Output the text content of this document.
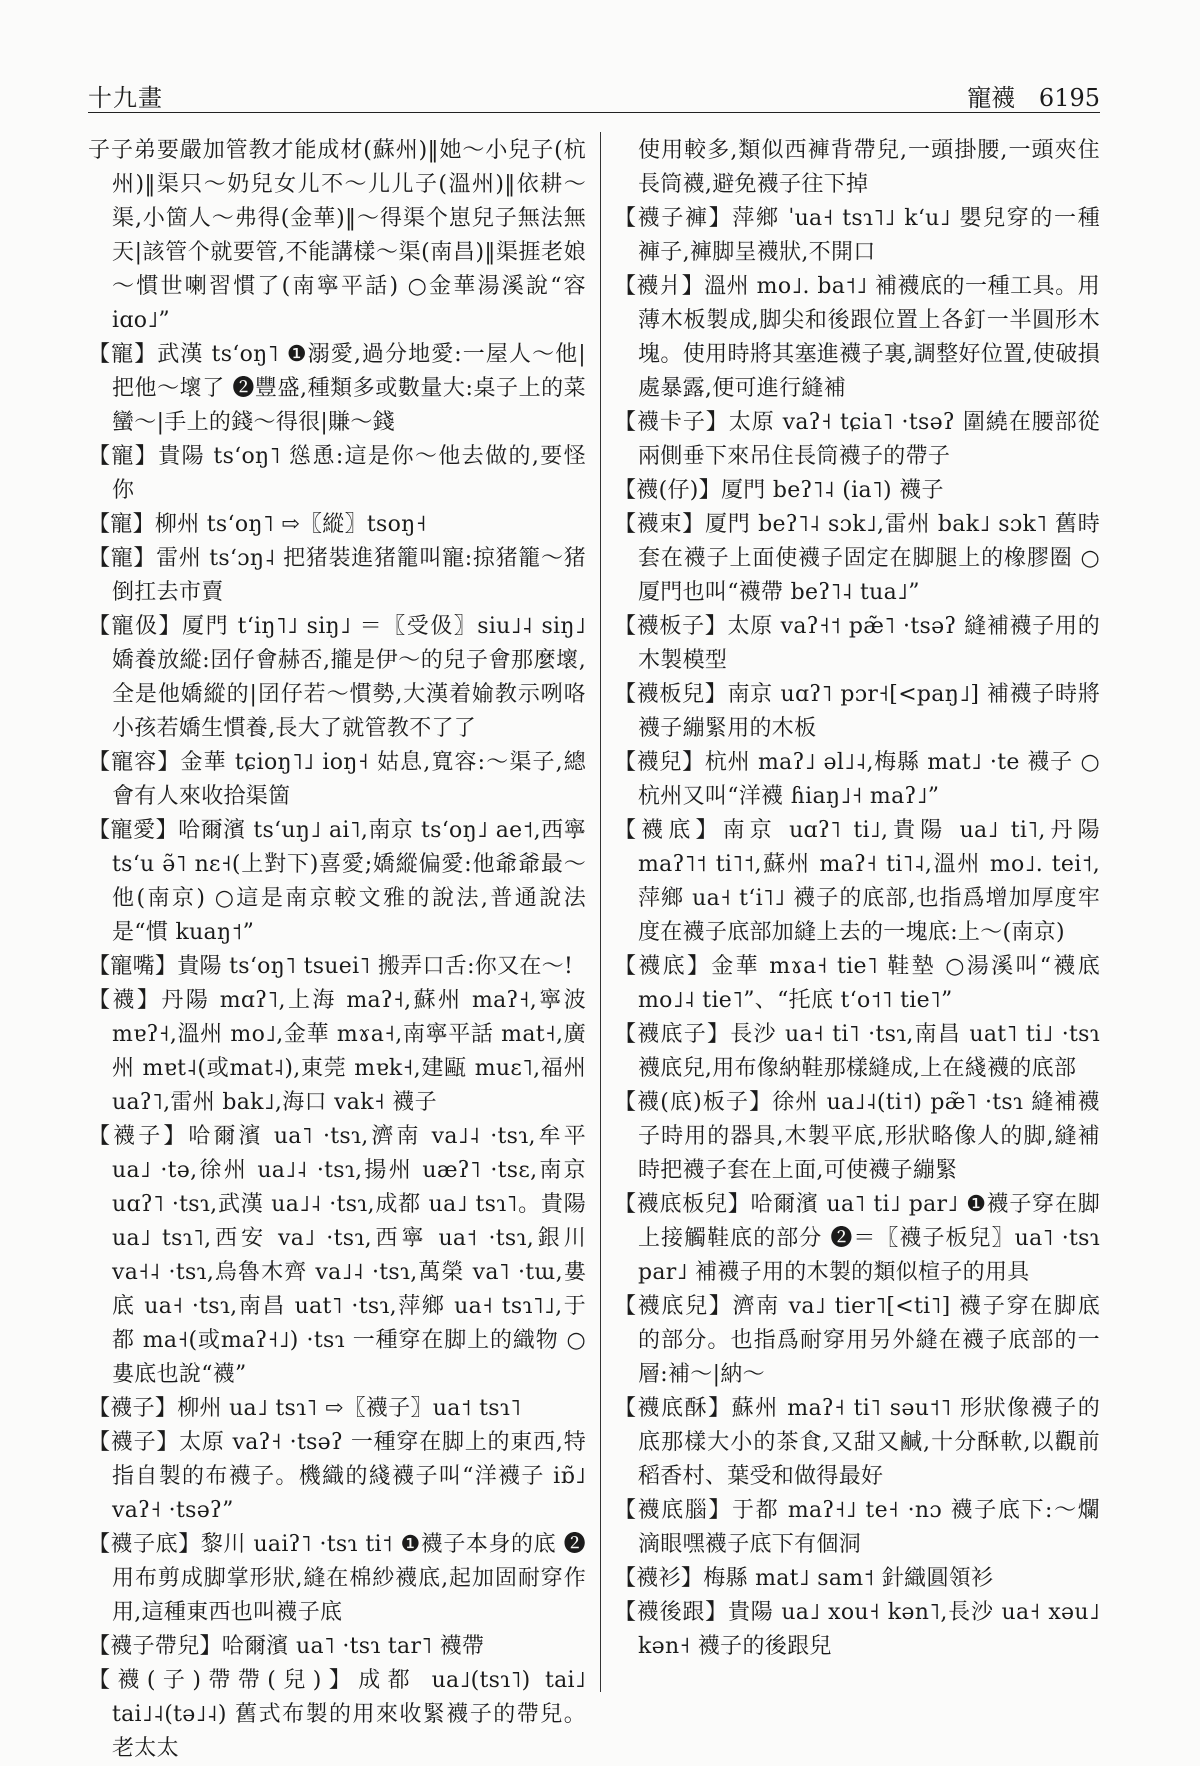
十九畫	寵襪 6195

子子弟要嚴加管教才能成材(蘇州)‖她～小兒子(杭州)‖渠只～奶兒女儿不～儿儿子(溫州)‖依耕～渠,小箇人～弗得(金華)‖～得渠个崽兒子無法無天|該管个就要管,不能講樣～渠(南昌)‖渠捱老娘～慣世喇習慣了(南寧平話) ○金華湯溪說“容 iɑo˩”

【寵】武漢 tsʻoŋ˥ ❶溺愛,過分地愛:一屋人～他|把他～壞了 ❷豐盛,種類多或數量大:桌子上的菜蠻～|手上的錢～得很|賺～錢

【寵】貴陽 tsʻoŋ˥ 慫恿:這是你～他去做的,要怪你

【寵】柳州 tsʻoŋ˥ ⇨〖縱〗tsoŋ˧

【寵】雷州 tsʻɔŋ˨ 把猪裝進猪籠叫寵:掠猪籠～猪倒扛去市賣

【寵伋】厦門 tʻiŋ˥˩ siŋ˩ ＝〖受伋〗siu˩˨ siŋ˩ 嬌養放縱:囝仔會赫否,攏是伊～的兒子會那麼壞,全是他嬌縱的|囝仔若～慣勢,大漢着媮教示咧咯小孩若嬌生慣養,長大了就管教不了了

【寵容】金華 tɕioŋ˥˩ ioŋ˧ 姑息,寬容:～渠子,總會有人來收拾渠箇

【寵愛】哈爾濱 tsʻuŋ˩ ai˥,南京 tsʻoŋ˩ ae˦,西寧 tsʻu ə̃˥ nɛ˧(上對下)喜愛;嬌縱偏愛:他爺爺最～他(南京) ○這是南京較文雅的說法,普通說法是“慣 kuaŋ˦”

【寵嘴】貴陽 tsʻoŋ˥ tsuei˥ 搬弄口舌:你又在～!

【襪】丹陽 mɑʔ˥,上海 maʔ˧,蘇州 maʔ˧,寧波 mɐʔ˧,溫州 mo˩,金華 mɤa˧,南寧平話 mat˧,廣州 mɐt˨(或mat˨),東莞 mɐk˧,建甌 muɛ˥,福州 uaʔ˥,雷州 bak˩,海口 vak˧ 襪子

【襪子】哈爾濱 ua˥ ·tsɿ,濟南 va˩˨ ·tsɿ,牟平 ua˩ ·tə,徐州 ua˩˨ ·tsɿ,揚州 uæʔ˥ ·tsɛ,南京 uɑʔ˥ ·tsɿ,武漢 ua˩˨ ·tsɿ,成都 ua˩ tsɿ˥。貴陽 ua˩ tsɿ˥,西安 va˩ ·tsɿ,西寧 ua˦ ·tsɿ,銀川 va˧˨ ·tsɿ,烏魯木齊 va˩˨ ·tsɿ,萬榮 va˥ ·tɯ,婁底 ua˧ ·tsɿ,南昌 uat˥ ·tsɿ,萍鄉 ua˧ tsɿ˥˩,于都 ma˧(或maʔ˧˩) ·tsɿ 一種穿在脚上的織物 ○婁底也說“襪”

【襪子】柳州 ua˩ tsɿ˥ ⇨〖襪子〗ua˦ tsɿ˥

【襪子】太原 vaʔ˧ ·tsəʔ 一種穿在脚上的東西,特指自製的布襪子。機織的綫襪子叫“洋襪子 iɒ̃˩ vaʔ˧ ·tsəʔ”

【襪子底】黎川 uaiʔ˥ ·tsɿ ti˦ ❶襪子本身的底 ❷用布剪成脚掌形狀,縫在棉紗襪底,起加固耐穿作用,這種東西也叫襪子底

【襪子帶兒】哈爾濱 ua˥ ·tsɿ tar˥ 襪帶

【襪(子)帶帶(兒)】成都 ua˩(tsɿ˥) tai˩ tai˩˨(tə˩˨) 舊式布製的用來收緊襪子的帶兒。老太太

使用較多,類似西褲背帶兒,一頭掛腰,一頭夾住長筒襪,避免襪子往下掉

【襪子褲】萍鄉 ˈua˧ tsɿ˥˩ kʻu˩ 嬰兒穿的一種褲子,褲脚呈襪狀,不開口

【襪爿】溫州 mo˩. ba˦˩ 補襪底的一種工具。用薄木板製成,脚尖和後跟位置上各釘一半圓形木塊。使用時將其塞進襪子裏,調整好位置,使破損處暴露,便可進行縫補

【襪卡子】太原 vaʔ˧ tɕia˥ ·tsəʔ 圍繞在腰部從兩側垂下來吊住長筒襪子的帶子

【襪(仔)】厦門 beʔ˥˨ (ia˥) 襪子

【襪束】厦門 beʔ˥˨ sɔk˩,雷州 bak˩ sɔk˥ 舊時套在襪子上面使襪子固定在脚腿上的橡膠圈 ○厦門也叫“襪帶 beʔ˥˨ tua˩”

【襪板子】太原 vaʔ˧˦ pæ̃˥ ·tsəʔ 縫補襪子用的木製模型

【襪板兒】南京 uɑʔ˥ pɔr˧[<paŋ˩] 補襪子時將襪子繃緊用的木板

【襪兒】杭州 maʔ˩ əl˩˨,梅縣 mat˩ ·te 襪子 ○杭州又叫“洋襪 ɦiaŋ˩˧ maʔ˩”

【襪底】南京 uɑʔ˥ ti˩,貴陽 ua˩ ti˥,丹陽 maʔ˥˦ ti˥˦,蘇州 maʔ˧ ti˥˨,溫州 mo˩. tei˦,萍鄉 ua˧ tʻi˥˩ 襪子的底部,也指爲增加厚度牢度在襪子底部加縫上去的一塊底:上～(南京)

【襪底】金華 mɤa˧ tie˥ 鞋墊 ○湯溪叫“襪底 mo˩˨ tie˥”、“托底 tʻo˦˥ tie˥”

【襪底子】長沙 ua˧ ti˥ ·tsɿ,南昌 uat˥ ti˩ ·tsɿ 襪底兒,用布像納鞋那樣縫成,上在綫襪的底部

【襪(底)板子】徐州 ua˩˨(ti˦) pæ̃˥ ·tsɿ 縫補襪子時用的器具,木製平底,形狀略像人的脚,縫補時把襪子套在上面,可使襪子繃緊

【襪底板兒】哈爾濱 ua˥ ti˩ par˩ ❶襪子穿在脚上接觸鞋底的部分 ❷＝〖襪子板兒〗ua˥ ·tsɿ par˩ 補襪子用的木製的類似楦子的用具

【襪底兒】濟南 va˩ tier˥[<ti˥] 襪子穿在脚底的部分。也指爲耐穿用另外縫在襪子底部的一層:補～|納～

【襪底酥】蘇州 maʔ˧ ti˥ səu˦˥ 形狀像襪子的底那樣大小的茶食,又甜又鹹,十分酥軟,以觀前稻香村、葉受和做得最好

【襪底腦】于都 maʔ˧˩ te˧ ·nɔ 襪子底下:～爛滴眼嘿襪子底下有個洞

【襪衫】梅縣 mat˩ sam˦ 針織圓領衫

【襪後跟】貴陽 ua˩ xou˧ kən˥,長沙 ua˧ xəu˩ kən˧ 襪子的後跟兒
